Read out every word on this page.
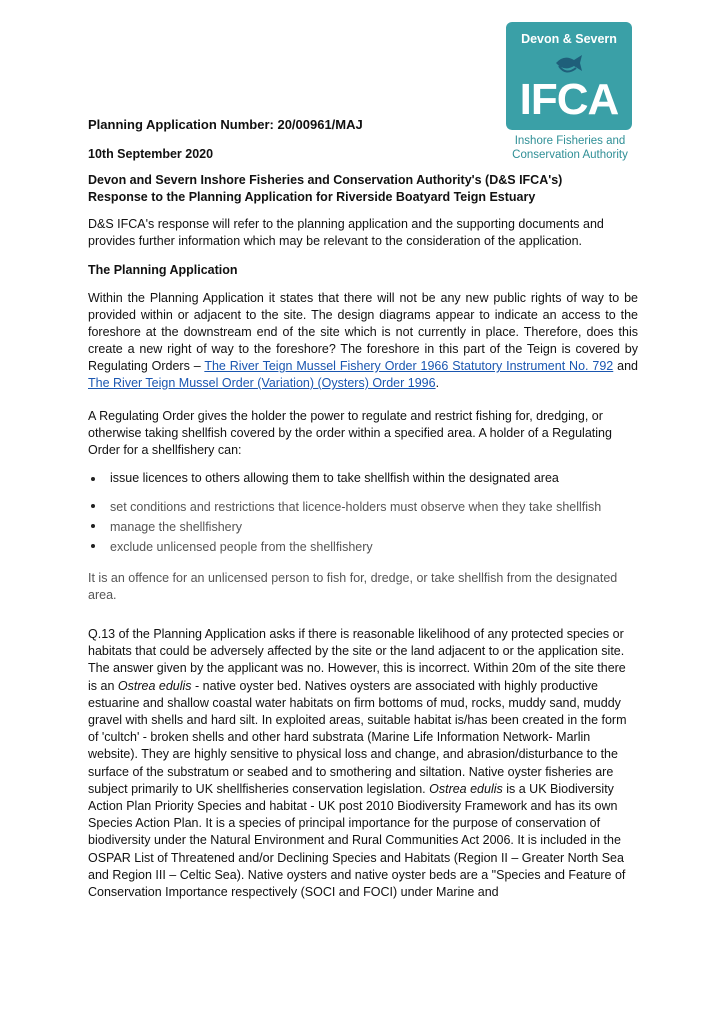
Devon & Severn
IFCA
Inshore Fisheries and
Conservation Authority
Planning Application Number: 20/00961/MAJ
10th September 2020
Devon and Severn Inshore Fisheries and Conservation Authority's (D&S IFCA's)
Response to the Planning Application for Riverside Boatyard Teign Estuary
D&S IFCA's response will refer to the planning application and the supporting documents and provides further information which may be relevant to the consideration of the application.
The Planning Application
Within the Planning Application it states that there will not be any new public rights of way to be provided within or adjacent to the site. The design diagrams appear to indicate an access to the foreshore at the downstream end of the site which is not currently in place. Therefore, does this create a new right of way to the foreshore? The foreshore in this part of the Teign is covered by Regulating Orders – The River Teign Mussel Fishery Order 1966 Statutory Instrument No. 792 and The River Teign Mussel Order (Variation) (Oysters) Order 1996.
A Regulating Order gives the holder the power to regulate and restrict fishing for, dredging, or otherwise taking shellfish covered by the order within a specified area. A holder of a Regulating Order for a shellfishery can:
issue licences to others allowing them to take shellfish within the designated area
set conditions and restrictions that licence-holders must observe when they take shellfish
manage the shellfishery
exclude unlicensed people from the shellfishery
It is an offence for an unlicensed person to fish for, dredge, or take shellfish from the designated area.
Q.13 of the Planning Application asks if there is reasonable likelihood of any protected species or habitats that could be adversely affected by the site or the land adjacent to or the application site. The answer given by the applicant was no. However, this is incorrect. Within 20m of the site there is an Ostrea edulis - native oyster bed. Natives oysters are associated with highly productive estuarine and shallow coastal water habitats on firm bottoms of mud, rocks, muddy sand, muddy gravel with shells and hard silt. In exploited areas, suitable habitat is/has been created in the form of 'cultch' - broken shells and other hard substrata (Marine Life Information Network- Marlin website). They are highly sensitive to physical loss and change, and abrasion/disturbance to the surface of the substratum or seabed and to smothering and siltation. Native oyster fisheries are subject primarily to UK shellfisheries conservation legislation. Ostrea edulis is a UK Biodiversity Action Plan Priority Species and habitat - UK post 2010 Biodiversity Framework and has its own Species Action Plan. It is a species of principal importance for the purpose of conservation of biodiversity under the Natural Environment and Rural Communities Act 2006. It is included in the OSPAR List of Threatened and/or Declining Species and Habitats (Region II – Greater North Sea and Region III – Celtic Sea). Native oysters and native oyster beds are a "Species and Feature of Conservation Importance respectively (SOCI and FOCI) under Marine and
